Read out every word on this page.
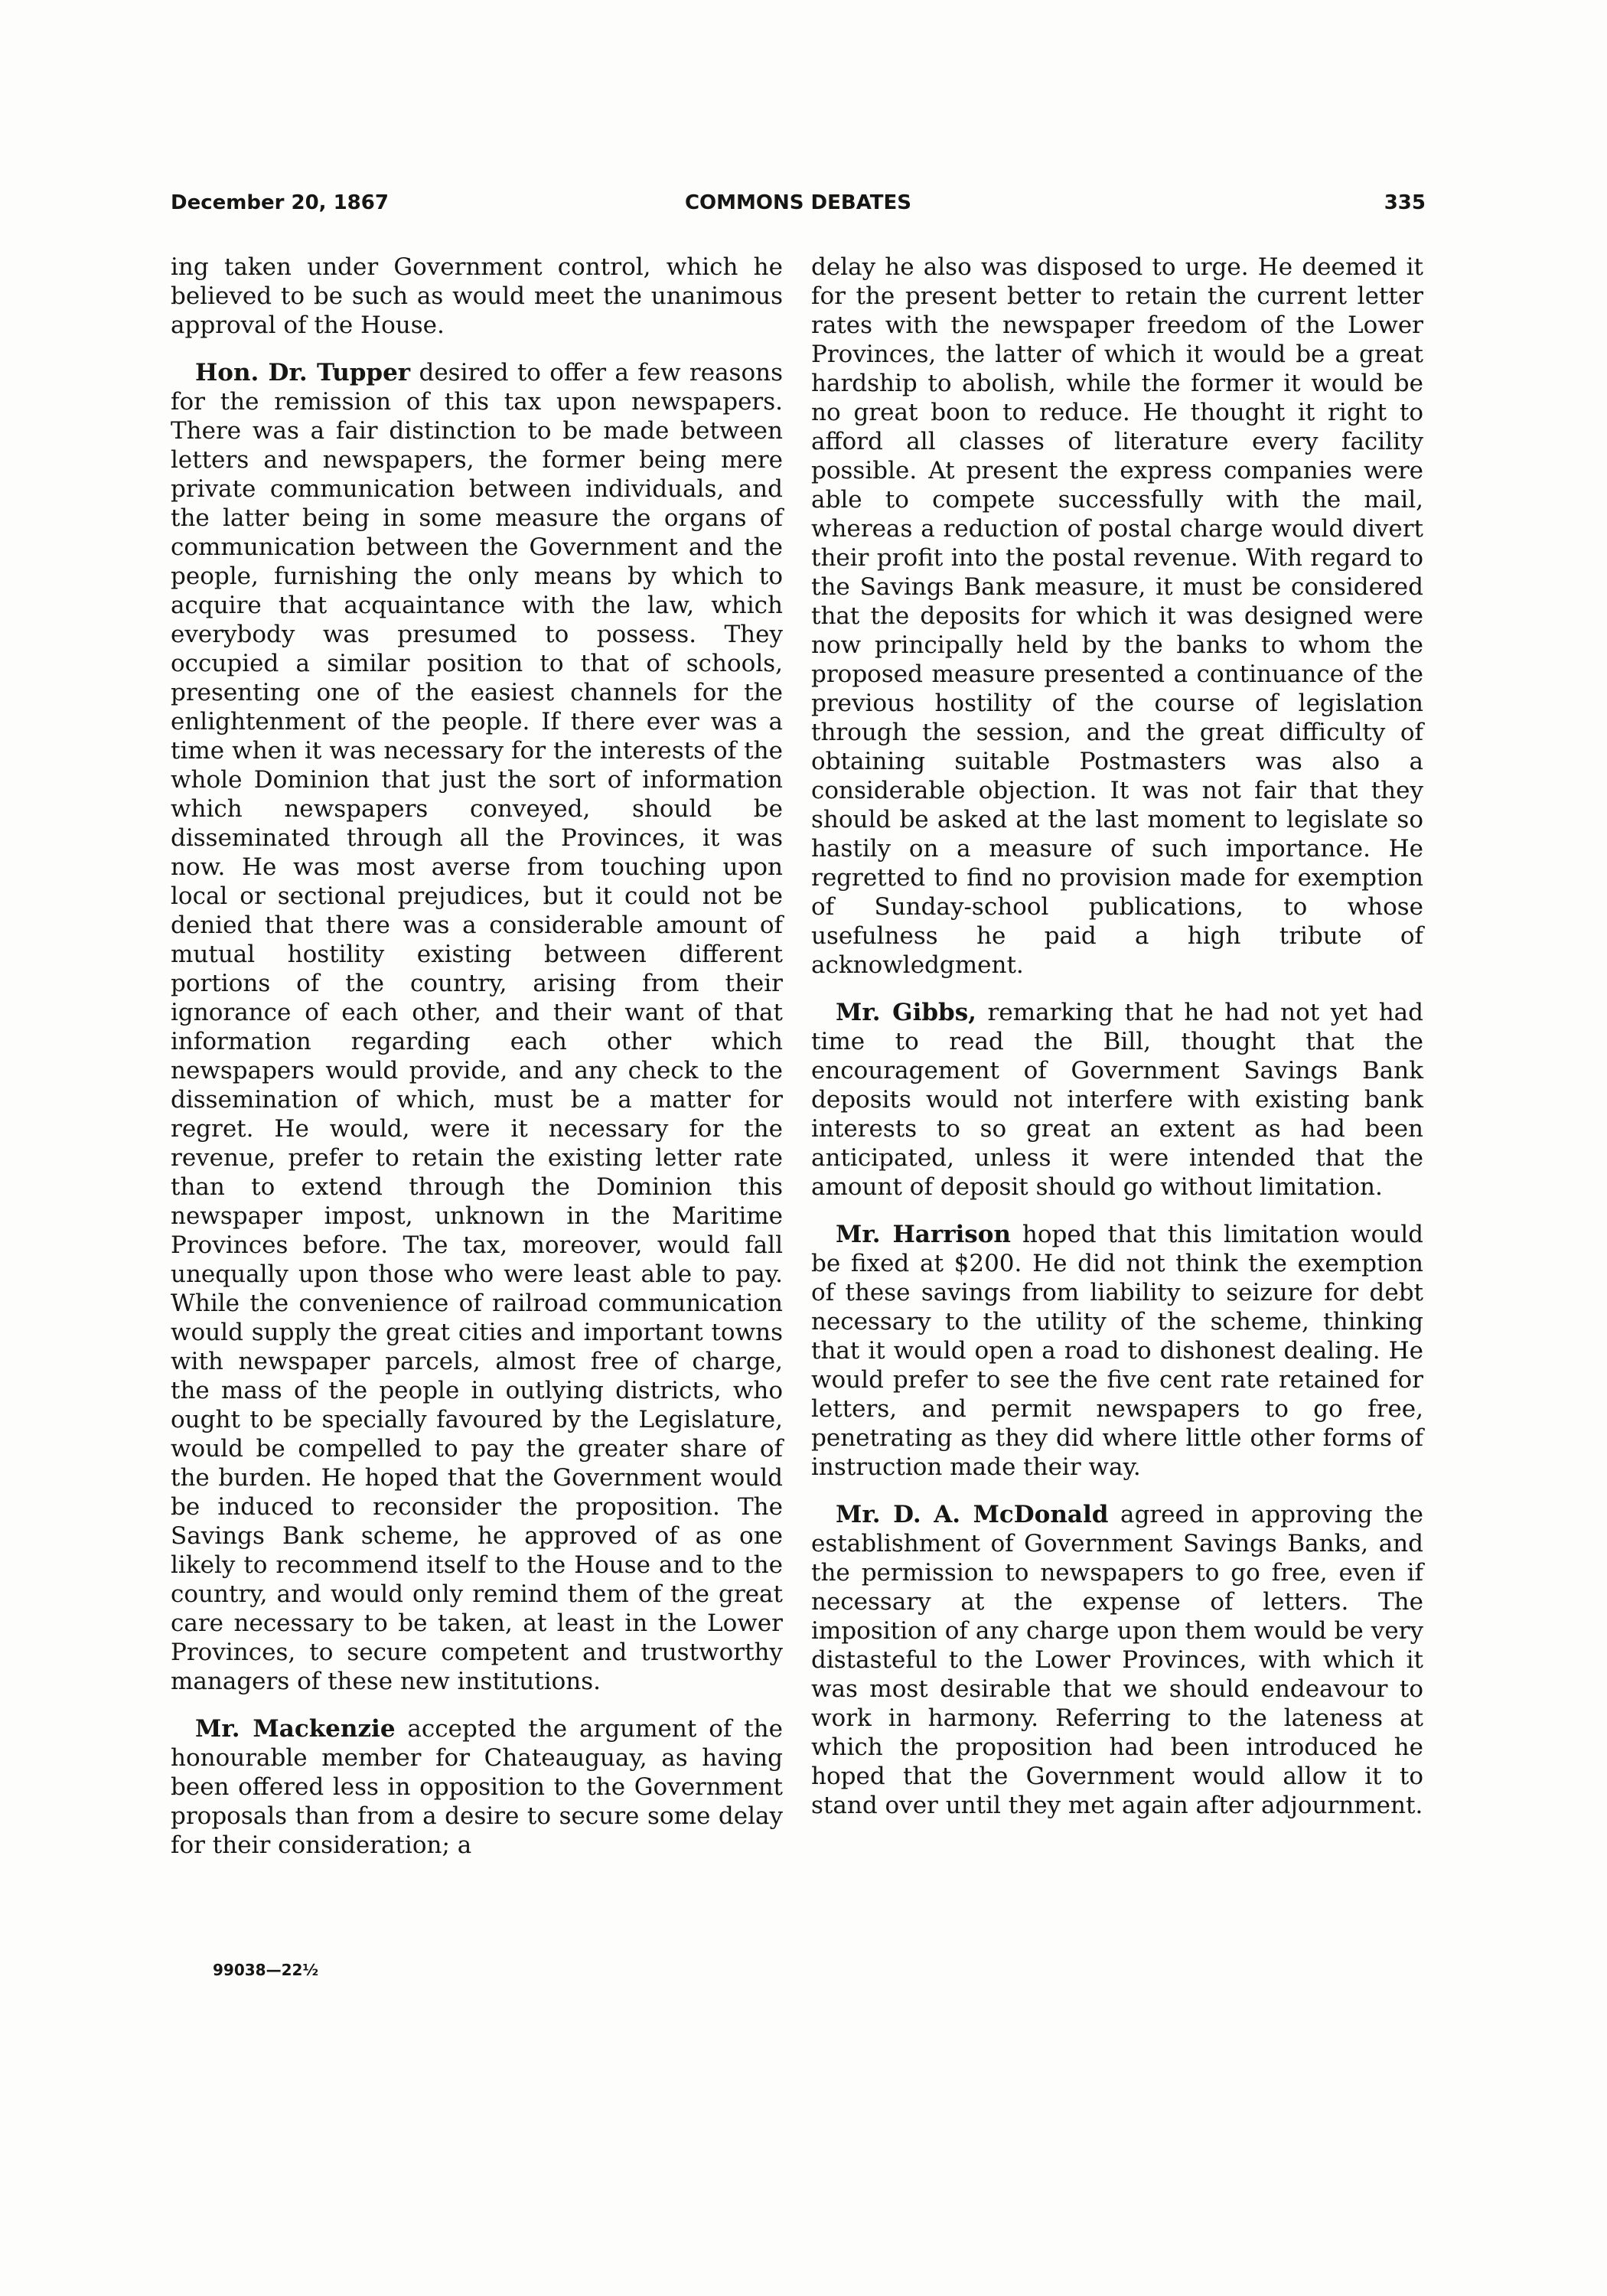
December 20, 1867	COMMONS DEBATES	335

ing taken under Government control, which he believed to be such as would meet the unanimous approval of the House.

Hon. Dr. Tupper desired to offer a few reasons for the remission of this tax upon newspapers. There was a fair distinction to be made between letters and newspapers, the former being mere private communication between individuals, and the latter being in some measure the organs of communication between the Government and the people, furnishing the only means by which to acquire that acquaintance with the law, which everybody was presumed to possess. They occupied a similar position to that of schools, presenting one of the easiest channels for the enlightenment of the people. If there ever was a time when it was necessary for the interests of the whole Dominion that just the sort of information which newspapers conveyed, should be disseminated through all the Provinces, it was now. He was most averse from touching upon local or sectional prejudices, but it could not be denied that there was a considerable amount of mutual hostility existing between different portions of the country, arising from their ignorance of each other, and their want of that information regarding each other which newspapers would provide, and any check to the dissemination of which, must be a matter for regret. He would, were it necessary for the revenue, prefer to retain the existing letter rate than to extend through the Dominion this newspaper impost, unknown in the Maritime Provinces before. The tax, moreover, would fall unequally upon those who were least able to pay. While the convenience of railroad communication would supply the great cities and important towns with newspaper parcels, almost free of charge, the mass of the people in outlying districts, who ought to be specially favoured by the Legislature, would be compelled to pay the greater share of the burden. He hoped that the Government would be induced to reconsider the proposition. The Savings Bank scheme, he approved of as one likely to recommend itself to the House and to the country, and would only remind them of the great care necessary to be taken, at least in the Lower Provinces, to secure competent and trustworthy managers of these new institutions.

Mr. Mackenzie accepted the argument of the honourable member for Chateauguay, as having been offered less in opposition to the Government proposals than from a desire to secure some delay for their consideration; a

delay he also was disposed to urge. He deemed it for the present better to retain the current letter rates with the newspaper freedom of the Lower Provinces, the latter of which it would be a great hardship to abolish, while the former it would be no great boon to reduce. He thought it right to afford all classes of literature every facility possible. At present the express companies were able to compete successfully with the mail, whereas a reduction of postal charge would divert their profit into the postal revenue. With regard to the Savings Bank measure, it must be considered that the deposits for which it was designed were now principally held by the banks to whom the proposed measure presented a continuance of the previous hostility of the course of legislation through the session, and the great difficulty of obtaining suitable Postmasters was also a considerable objection. It was not fair that they should be asked at the last moment to legislate so hastily on a measure of such importance. He regretted to find no provision made for exemption of Sunday-school publications, to whose usefulness he paid a high tribute of acknowledgment.

Mr. Gibbs, remarking that he had not yet had time to read the Bill, thought that the encouragement of Government Savings Bank deposits would not interfere with existing bank interests to so great an extent as had been anticipated, unless it were intended that the amount of deposit should go without limitation.

Mr. Harrison hoped that this limitation would be fixed at $200. He did not think the exemption of these savings from liability to seizure for debt necessary to the utility of the scheme, thinking that it would open a road to dishonest dealing. He would prefer to see the five cent rate retained for letters, and permit newspapers to go free, penetrating as they did where little other forms of instruction made their way.

Mr. D. A. McDonald agreed in approving the establishment of Government Savings Banks, and the permission to newspapers to go free, even if necessary at the expense of letters. The imposition of any charge upon them would be very distasteful to the Lower Provinces, with which it was most desirable that we should endeavour to work in harmony. Referring to the lateness at which the proposition had been introduced he hoped that the Government would allow it to stand over until they met again after adjournment.

99038—22½
